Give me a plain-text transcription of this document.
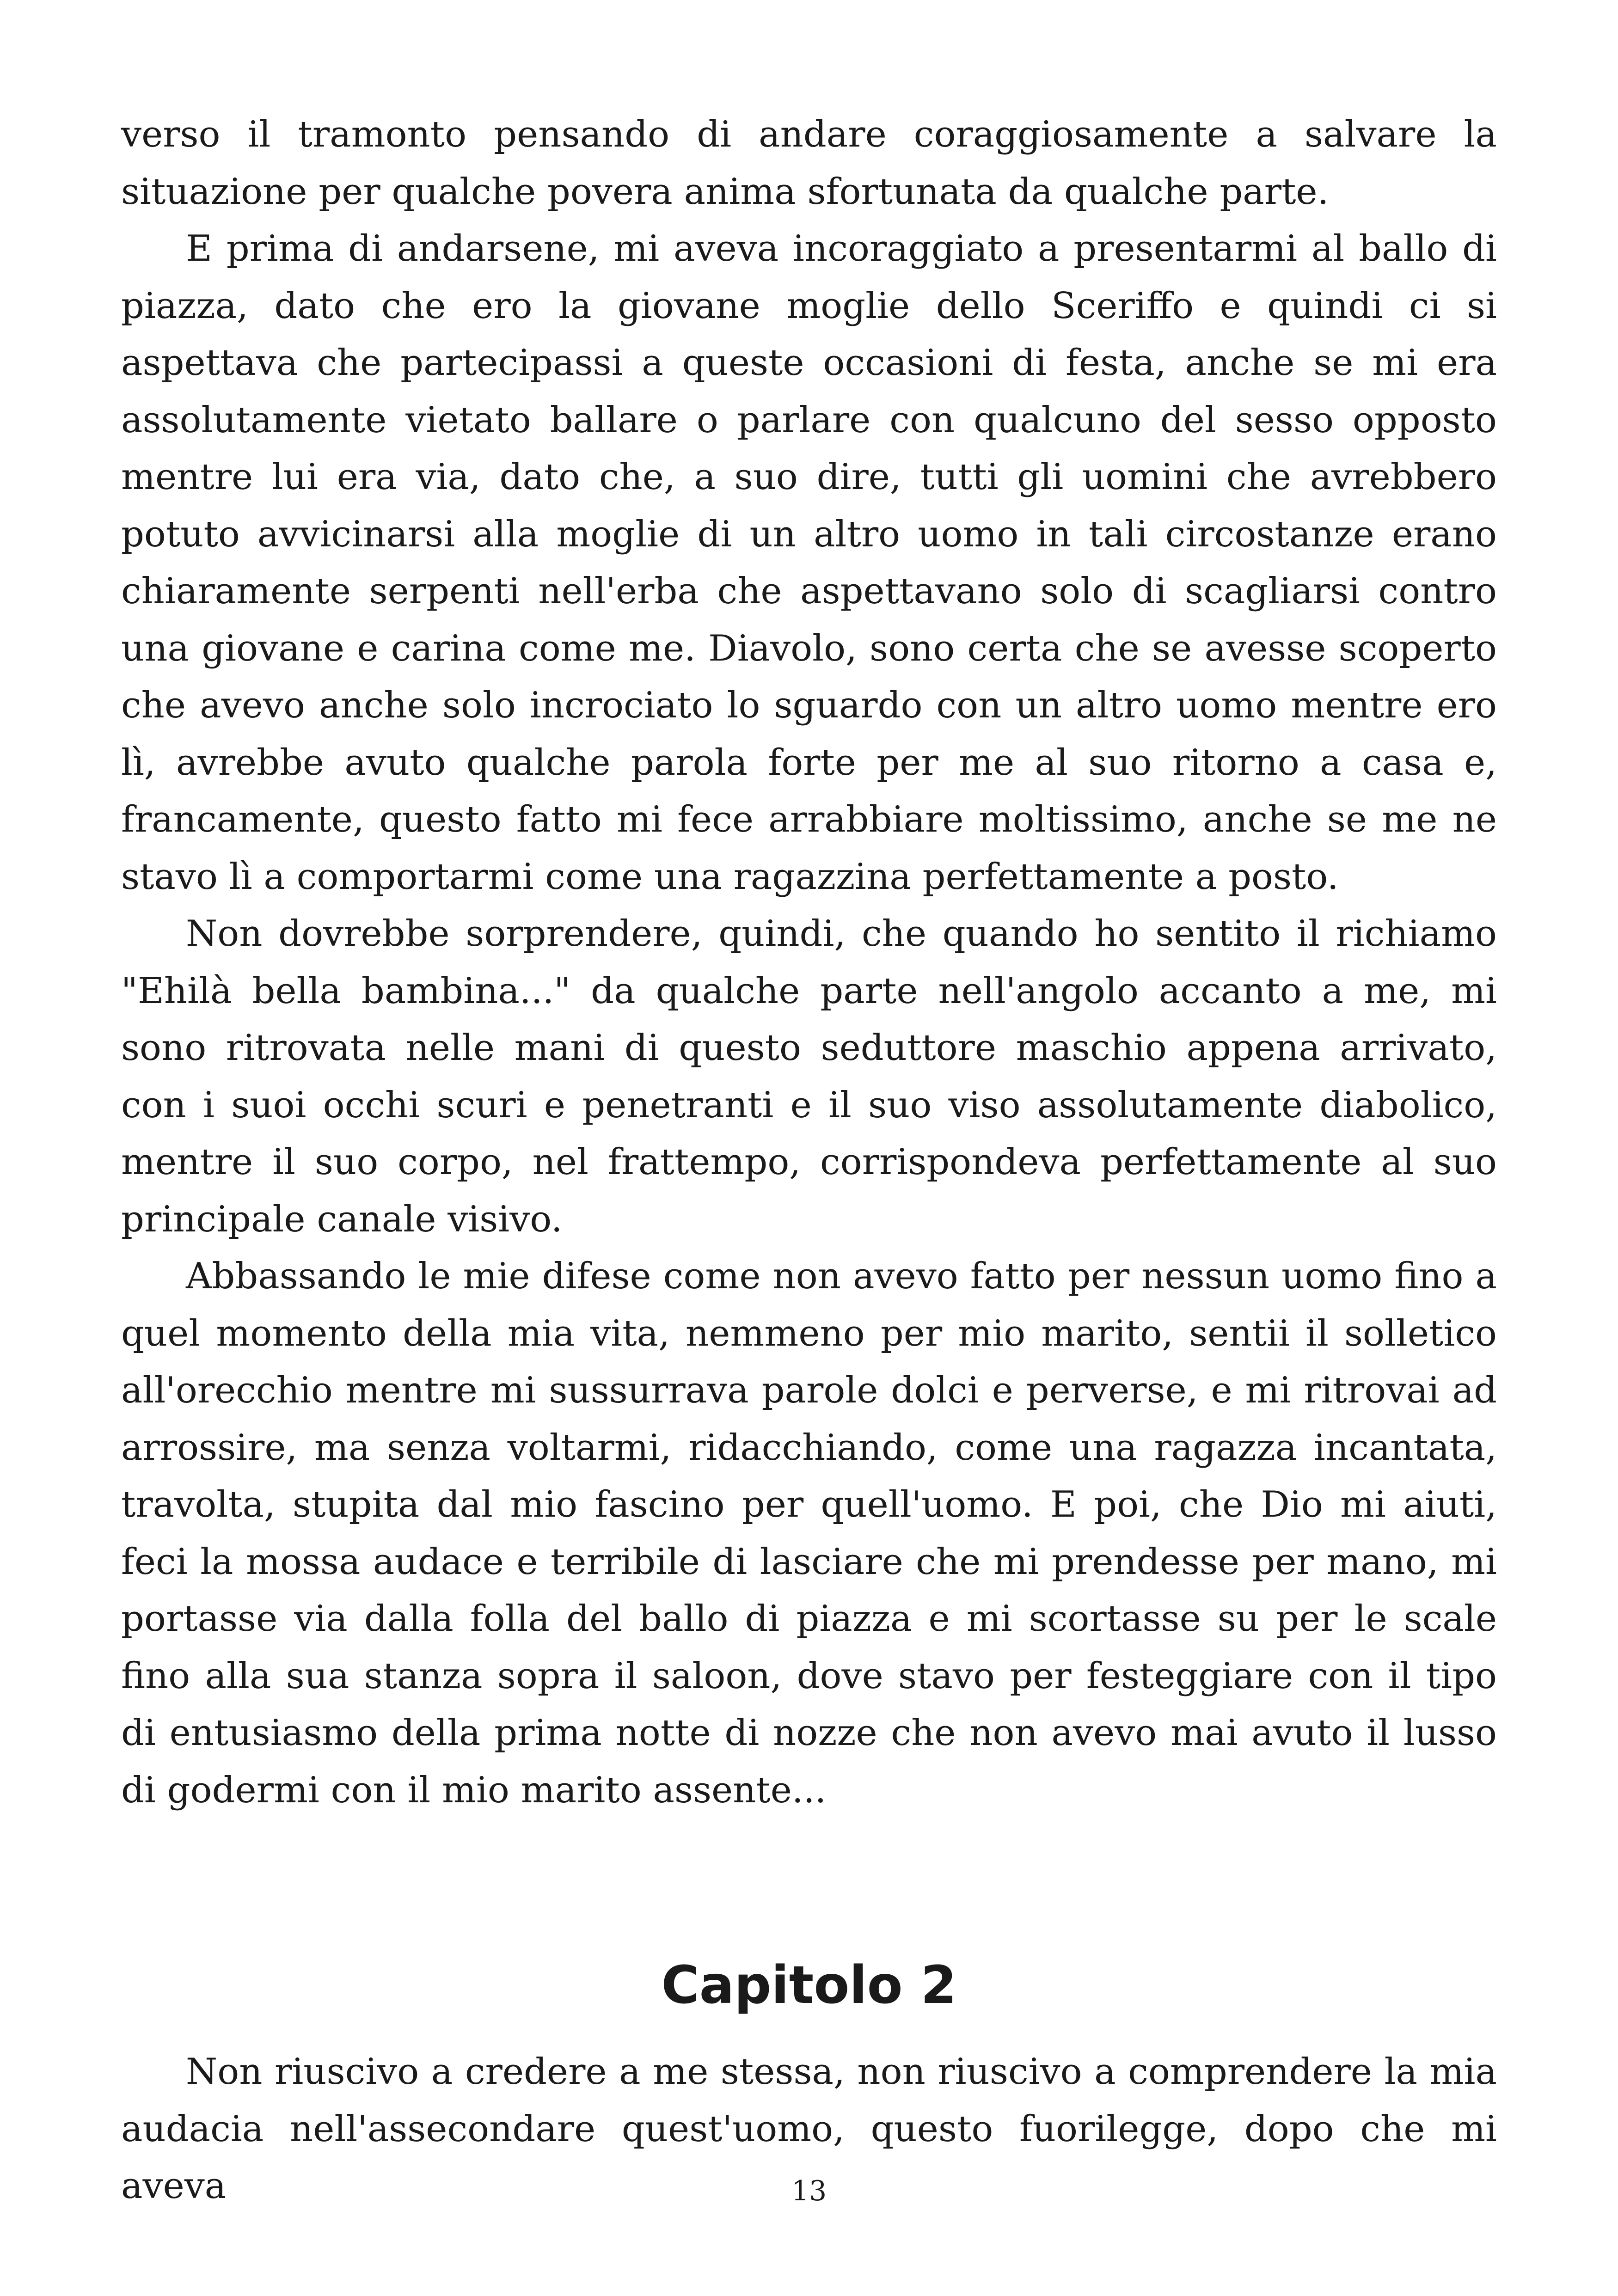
verso il tramonto pensando di andare coraggiosamente a salvare la situazione per qualche povera anima sfortunata da qualche parte.

E prima di andarsene, mi aveva incoraggiato a presentarmi al ballo di piazza, dato che ero la giovane moglie dello Sceriffo e quindi ci si aspettava che partecipassi a queste occasioni di festa, anche se mi era assolutamente vietato ballare o parlare con qualcuno del sesso opposto mentre lui era via, dato che, a suo dire, tutti gli uomini che avrebbero potuto avvicinarsi alla moglie di un altro uomo in tali circostanze erano chiaramente serpenti nell'erba che aspettavano solo di scagliarsi contro una giovane e carina come me. Diavolo, sono certa che se avesse scoperto che avevo anche solo incrociato lo sguardo con un altro uomo mentre ero lì, avrebbe avuto qualche parola forte per me al suo ritorno a casa e, francamente, questo fatto mi fece arrabbiare moltissimo, anche se me ne stavo lì a comportarmi come una ragazzina perfettamente a posto.

Non dovrebbe sorprendere, quindi, che quando ho sentito il richiamo "Ehilà bella bambina..." da qualche parte nell'angolo accanto a me, mi sono ritrovata nelle mani di questo seduttore maschio appena arrivato, con i suoi occhi scuri e penetranti e il suo viso assolutamente diabolico, mentre il suo corpo, nel frattempo, corrispondeva perfettamente al suo principale canale visivo.

Abbassando le mie difese come non avevo fatto per nessun uomo fino a quel momento della mia vita, nemmeno per mio marito, sentii il solletico all'orecchio mentre mi sussurrava parole dolci e perverse, e mi ritrovai ad arrossire, ma senza voltarmi, ridacchiando, come una ragazza incantata, travolta, stupita dal mio fascino per quell'uomo. E poi, che Dio mi aiuti, feci la mossa audace e terribile di lasciare che mi prendesse per mano, mi portasse via dalla folla del ballo di piazza e mi scortasse su per le scale fino alla sua stanza sopra il saloon, dove stavo per festeggiare con il tipo di entusiasmo della prima notte di nozze che non avevo mai avuto il lusso di godermi con il mio marito assente...

Capitolo 2

Non riuscivo a credere a me stessa, non riuscivo a comprendere la mia audacia nell'assecondare quest'uomo, questo fuorilegge, dopo che mi aveva	13
